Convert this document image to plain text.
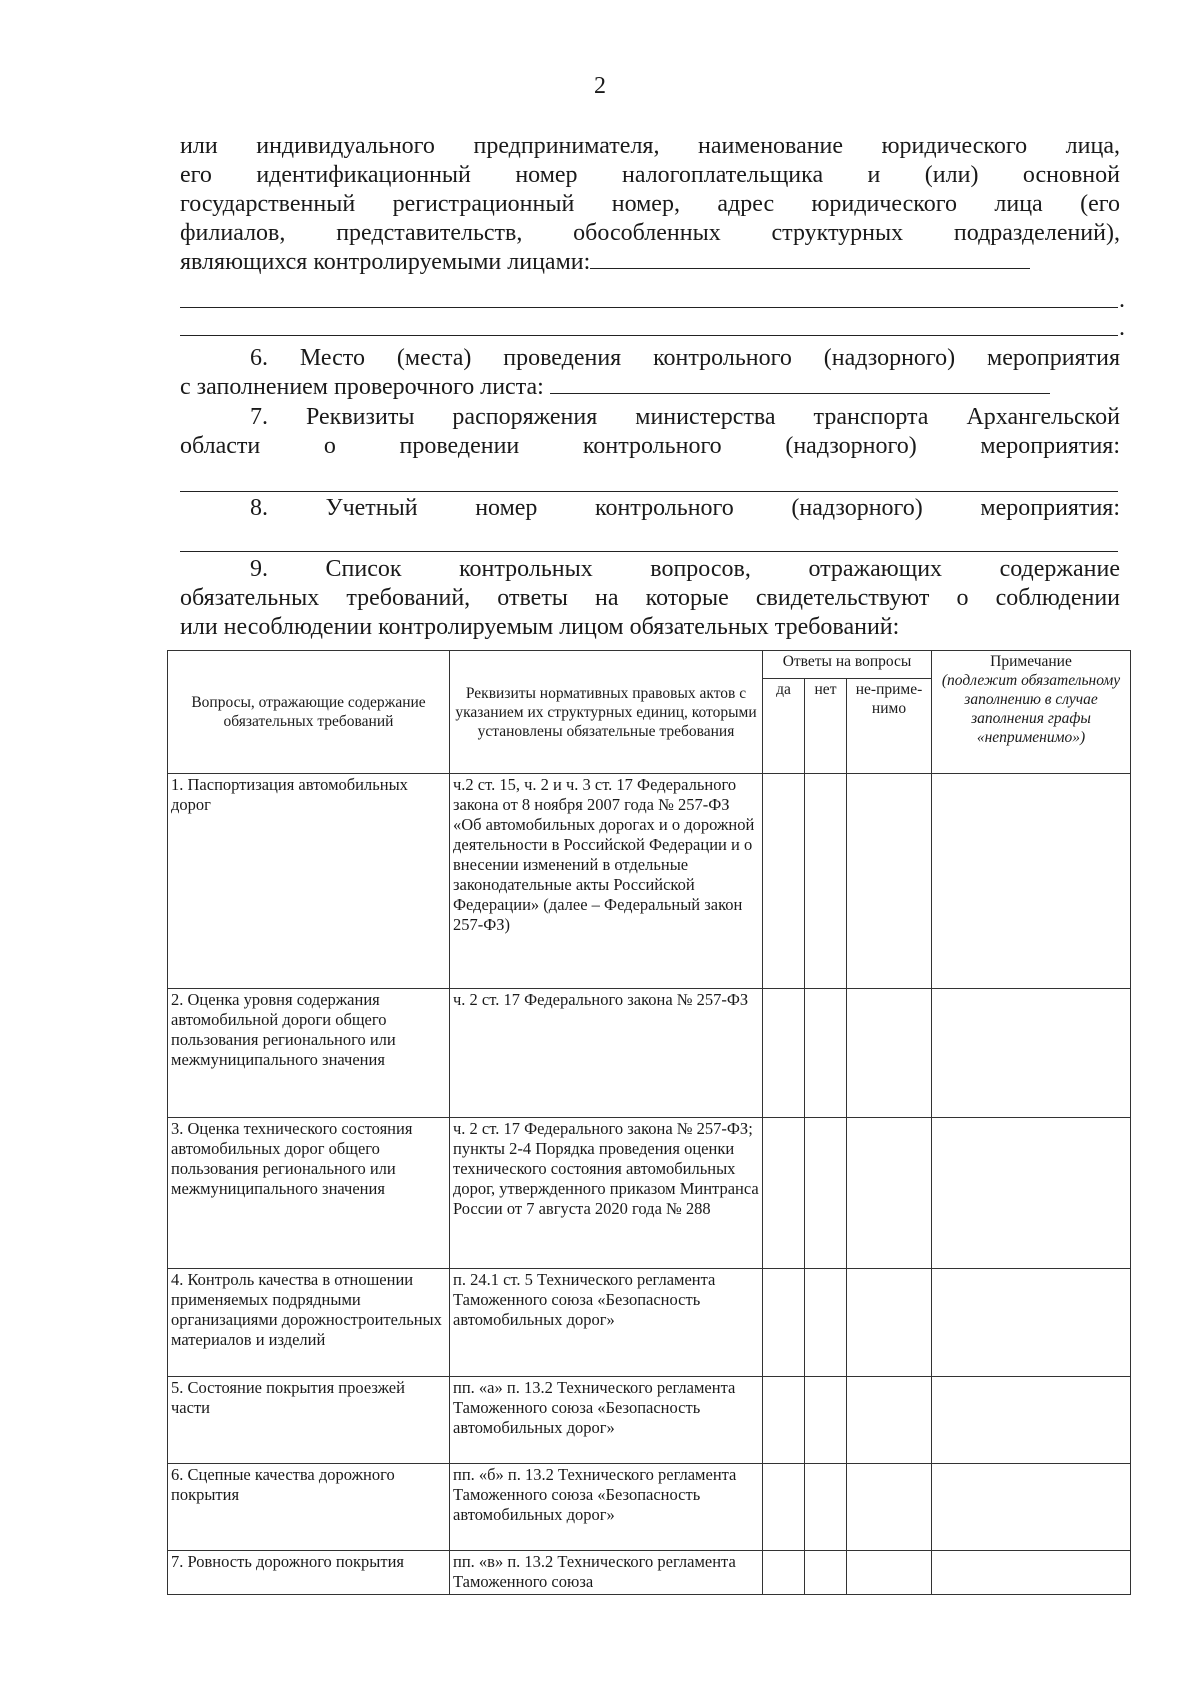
2
или индивидуального предпринимателя, наименование юридического лица,
его идентификационный номер налогоплательщика и (или) основной
государственный регистрационный номер, адрес юридического лица (его
филиалов, представительств, обособленных структурных подразделений),
являющихся контролируемыми лицами:
.
.
6. Место (места) проведения контрольного (надзорного) мероприятия
с заполнением проверочного листа:
7. Реквизиты распоряжения министерства транспорта Архангельской
области о проведении контрольного (надзорного) мероприятия:
8. Учетный номер контрольного (надзорного) мероприятия:
9. Список контрольных вопросов, отражающих содержание
обязательных требований, ответы на которые свидетельствуют о соблюдении
или несоблюдении контролируемым лицом обязательных требований:
Вопросы, отражающие содержание обязательных требований	Реквизиты нормативных правовых актов с указанием их структурных единиц, которыми установлены обязательные требования	Ответы на вопросы			Примечание
(подлежит обязательному заполнению в случае заполнения графы «неприменимо»)

		да	нет	не-приме-нимо	
1. Паспортизация автомобильных дорог	ч.2 ст. 15, ч. 2 и ч. 3 ст. 17 Федерального закона от 8 ноября 2007 года № 257-ФЗ «Об автомобильных дорогах и о дорожной деятельности в Российской Федерации и о внесении изменений в отдельные законодательные акты Российской Федерации» (далее – Федеральный закон 257-ФЗ)				
2. Оценка уровня содержания автомобильной дороги общего пользования регионального или межмуниципального значения	ч. 2 ст. 17 Федерального закона № 257-ФЗ				
3. Оценка технического состояния автомобильных дорог общего пользования регионального или межмуниципального значения	ч. 2 ст. 17 Федерального закона № 257-ФЗ; пункты 2-4 Порядка проведения оценки технического состояния автомобильных дорог, утвержденного приказом Минтранса России от 7 августа 2020 года № 288				
4. Контроль качества в отношении применяемых подрядными организациями дорожностроительных материалов и изделий	п. 24.1 ст. 5 Технического регламента Таможенного союза «Безопасность автомобильных дорог»				
5. Состояние покрытия проезжей части	пп. «а» п. 13.2 Технического регламента Таможенного союза «Безопасность автомобильных дорог»				
6. Сцепные качества дорожного покрытия	пп. «б» п. 13.2 Технического регламента Таможенного союза «Безопасность автомобильных дорог»				
7. Ровность дорожного покрытия	пп. «в» п. 13.2 Технического регламента Таможенного союза				
